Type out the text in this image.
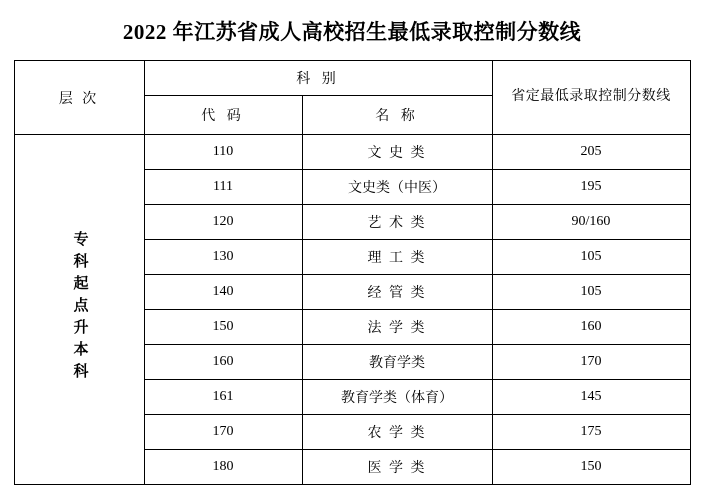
2022 年江苏省成人高校招生最低录取控制分数线
层 次	科 别		省定最低录取控制分数线
	代 码	名 称	
专科起点升本科	110	文 史 类	205
	111	文史类（中医）	195
	120	艺 术 类	90/160
	130	理 工 类	105
	140	经 管 类	105
	150	法 学 类	160
	160	教育学类	170
	161	教育学类（体育）	145
	170	农 学 类	175
	180	医 学 类	150
